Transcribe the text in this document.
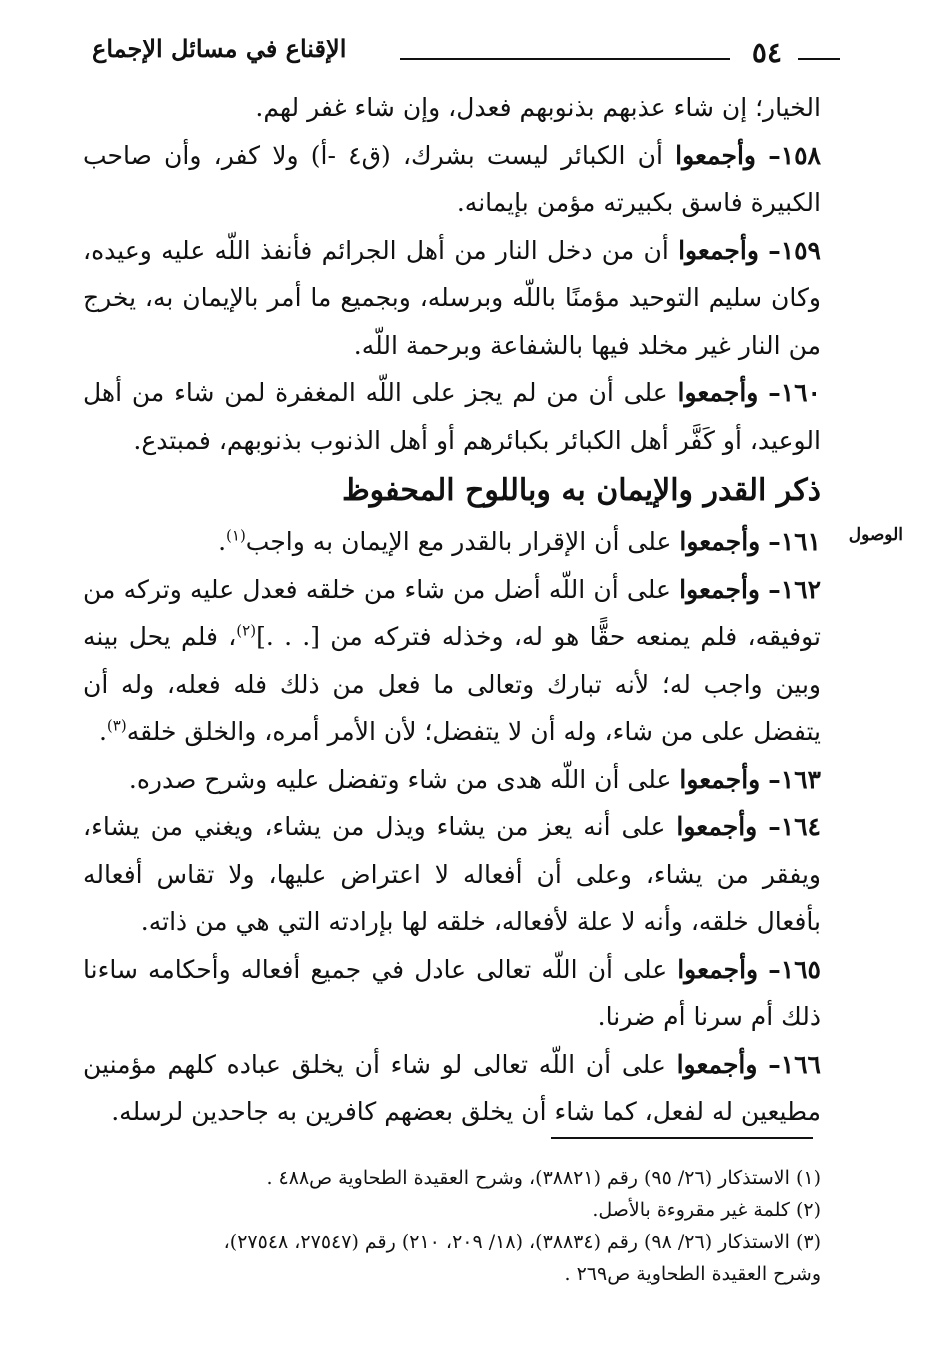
٥٤
الإقناع في مسائل الإجماع
الوصول

الخيار؛ إن شاء عذبهم بذنوبهم فعدل، وإن شاء غفر لهم.

١٥٨– وأجمعوا أن الكبائر ليست بشرك، (ق٤ -أ) ولا كفر، وأن صاحب الكبيرة فاسق بكبيرته مؤمن بإيمانه.

١٥٩– وأجمعوا أن من دخل النار من أهل الجرائم فأنفذ اللّه عليه وعيده، وكان سليم التوحيد مؤمنًا باللّه وبرسله، وبجميع ما أمر بالإيمان به، يخرج من النار غير مخلد فيها بالشفاعة وبرحمة اللّه.

١٦٠– وأجمعوا على أن من لم يجز على اللّه المغفرة لمن شاء من أهل الوعيد، أو كَفَّر أهل الكبائر بكبائرهم أو أهل الذنوب بذنوبهم، فمبتدع.

ذكر القدر والإيمان به وباللوح المحفوظ

١٦١– وأجمعوا على أن الإقرار بالقدر مع الإيمان به واجب$^{(١)}$.

١٦٢– وأجمعوا على أن اللّه أضل من شاء من خلقه فعدل عليه وتركه من توفيقه، فلم يمنعه حقًّا هو له، وخذله فتركه من [. . .]$^{(٢)}$، فلم يحل بينه وبين واجب له؛ لأنه تبارك وتعالى ما فعل من ذلك فله فعله، وله أن يتفضل على من شاء، وله أن لا يتفضل؛ لأن الأمر أمره، والخلق خلقه$^{(٣)}$.

١٦٣– وأجمعوا على أن اللّه هدى من شاء وتفضل عليه وشرح صدره.

١٦٤– وأجمعوا على أنه يعز من يشاء ويذل من يشاء، ويغني من يشاء، ويفقر من يشاء، وعلى أن أفعاله لا اعتراض عليها، ولا تقاس أفعاله بأفعال خلقه، وأنه لا علة لأفعاله، خلقه لها بإرادته التي هي من ذاته.

١٦٥– وأجمعوا على أن اللّه تعالى عادل في جميع أفعاله وأحكامه ساءنا ذلك أم سرنا أم ضرنا.

١٦٦– وأجمعوا على أن اللّه تعالى لو شاء أن يخلق عباده كلهم مؤمنين مطيعين له لفعل، كما شاء أن يخلق بعضهم كافرين به جاحدين لرسله.

(١) الاستذكار (٢٦/ ٩٥) رقم (٣٨٨٢١)، وشرح العقيدة الطحاوية ص٤٨٨ .

(٢) كلمة غير مقروءة بالأصل.

(٣) الاستذكار (٢٦/ ٩٨) رقم (٣٨٨٣٤)، (١٨/ ٢٠٩، ٢١٠) رقم (٢٧٥٤٧، ٢٧٥٤٨)،

وشرح العقيدة الطحاوية ص٢٦٩ .
